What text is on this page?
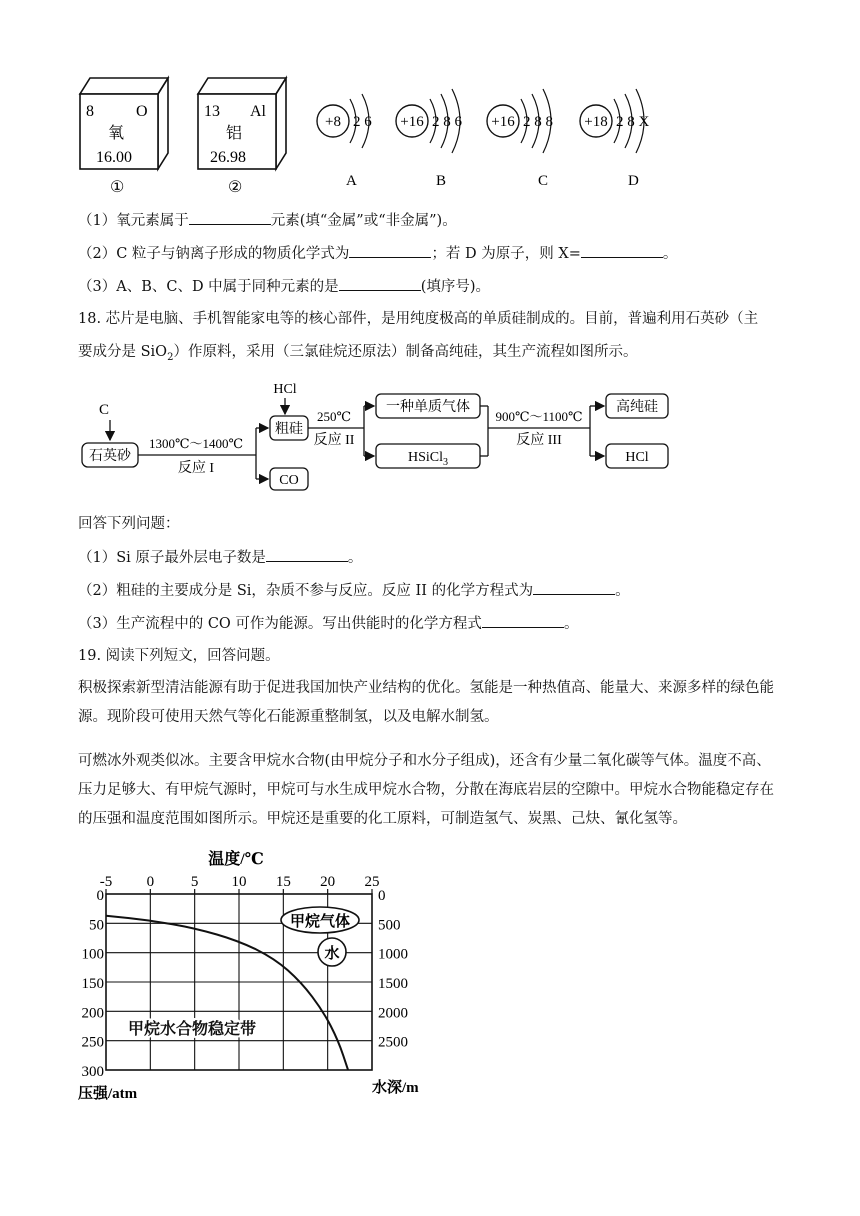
8	O
氧
16.00
①
13 Al
铝
26.98
②
+8 2 6
A
+16 2 8 6
B
+16 2 8 8
C
+18 2 8 X
D
（1）氧元素属于	元素(填“金属”或“非金属”)。
（2）C 粒子与钠离子形成的物质化学式为	；若 D 为原子，则 X=	。
（3）A、B、C、D 中属于同种元素的是	(填序号)。
18. 芯片是电脑、手机智能家电等的核心部件，是用纯度极高的单质硅制成的。目前，普遍利用石英砂（主
要成分是 SiO$_2$）作原料，采用（三氯硅烷还原法）制备高纯硅，其生产流程如图所示。
C
石英砂
1300℃～1400℃
反应 I
HCl
粗硅
CO
250℃
反应 II
一种单质气体
HSiCl$_3$
900℃～1100℃
反应 III
高纯硅
HCl
回答下列问题：
（1）Si 原子最外层电子数是	。
（2）粗硅的主要成分是 Si，杂质不参与反应。反应 II 的化学方程式为	。
（3）生产流程中的 CO 可作为能源。写出供能时的化学方程式	。
19. 阅读下列短文，回答问题。
积极探索新型清洁能源有助于促进我国加快产业结构的优化。氢能是一种热值高、能量大、来源多样的绿色能源。现阶段可使用天然气等化石能源重整制氢，以及电解水制氢。
可燃冰外观类似冰。主要含甲烷水合物(由甲烷分子和水分子组成)，还含有少量二氧化碳等气体。温度不高、压力足够大、有甲烷气源时，甲烷可与水生成甲烷水合物，分散在海底岩层的空隙中。甲烷水合物能稳定存在的压强和温度范围如图所示。甲烷还是重要的化工原料，可制造氢气、炭黑、己炔、氰化氢等。
0
50
100
150
200
250
300
-5 0 5 10 15 20 25
0
500
1000
1500
2000
2500
温度/℃
压强/atm	水深/m
甲烷气体
水
甲烷水合物稳定带
